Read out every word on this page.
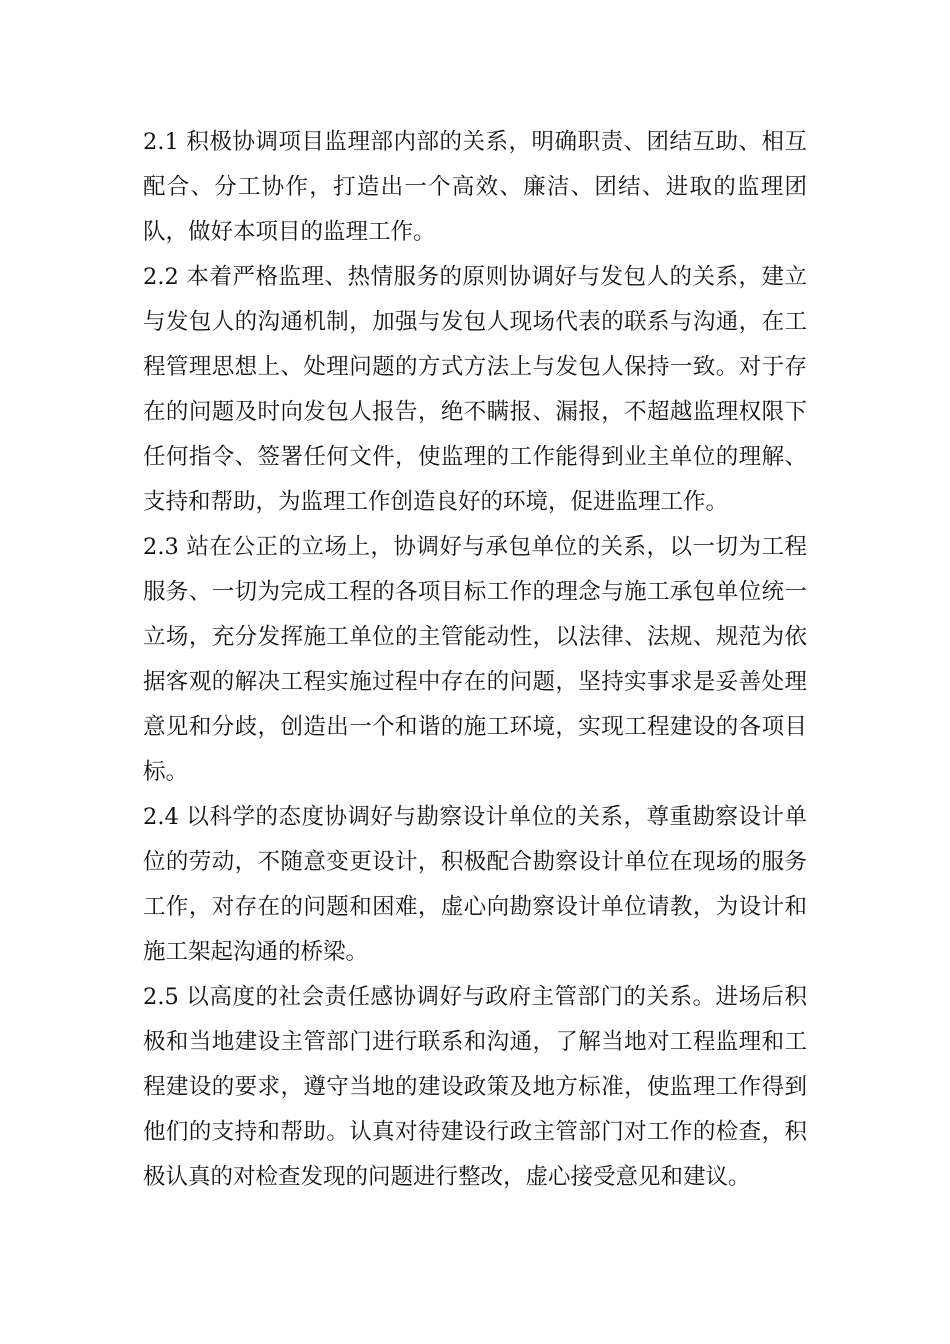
2.1 积极协调项目监理部内部的关系，明确职责、团结互助、相互配合、分工协作，打造出一个高效、廉洁、团结、进取的监理团队，做好本项目的监理工作。

2.2 本着严格监理、热情服务的原则协调好与发包人的关系，建立与发包人的沟通机制，加强与发包人现场代表的联系与沟通，在工程管理思想上、处理问题的方式方法上与发包人保持一致。对于存在的问题及时向发包人报告，绝不瞒报、漏报，不超越监理权限下任何指令、签署任何文件，使监理的工作能得到业主单位的理解、支持和帮助，为监理工作创造良好的环境，促进监理工作。

2.3 站在公正的立场上，协调好与承包单位的关系，以一切为工程服务、一切为完成工程的各项目标工作的理念与施工承包单位统一立场，充分发挥施工单位的主管能动性，以法律、法规、规范为依据客观的解决工程实施过程中存在的问题，坚持实事求是妥善处理意见和分歧，创造出一个和谐的施工环境，实现工程建设的各项目标。

2.4 以科学的态度协调好与勘察设计单位的关系，尊重勘察设计单位的劳动，不随意变更设计，积极配合勘察设计单位在现场的服务工作，对存在的问题和困难，虚心向勘察设计单位请教，为设计和施工架起沟通的桥梁。

2.5 以高度的社会责任感协调好与政府主管部门的关系。进场后积极和当地建设主管部门进行联系和沟通，了解当地对工程监理和工程建设的要求，遵守当地的建设政策及地方标准，使监理工作得到他们的支持和帮助。认真对待建设行政主管部门对工作的检查，积极认真的对检查发现的问题进行整改，虚心接受意见和建议。
